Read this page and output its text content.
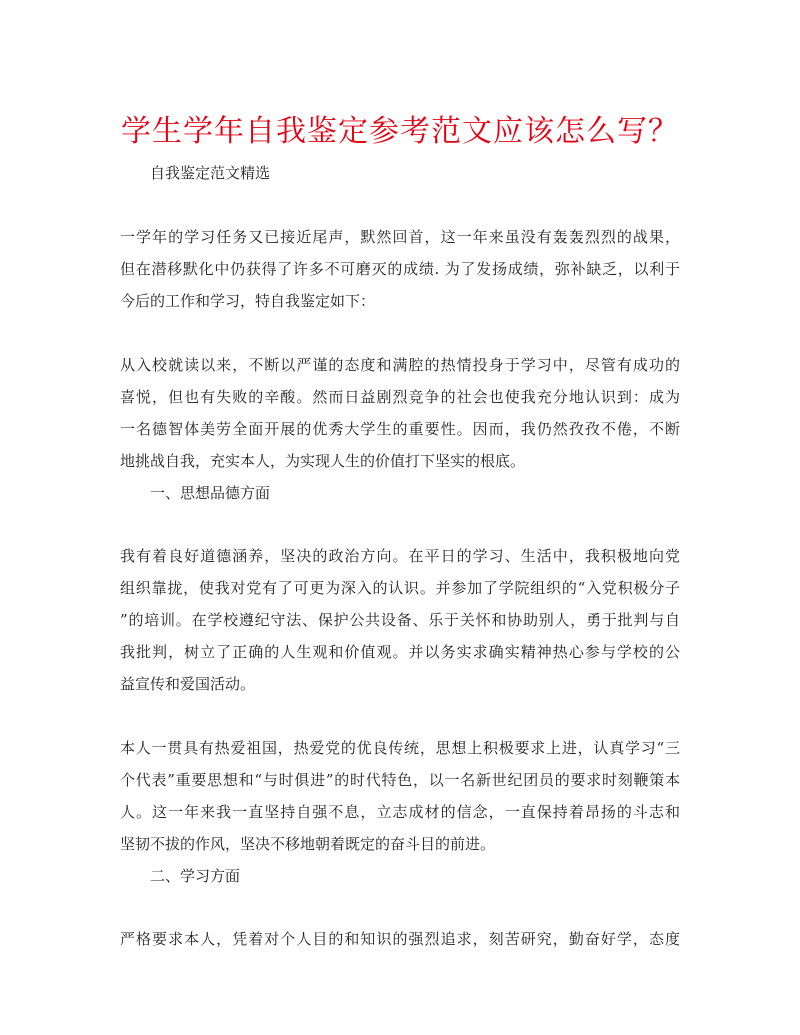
学生学年自我鉴定参考范文应该怎么写？
自我鉴定范文精选
一学年的学习任务又已接近尾声，默然回首，这一年来虽没有轰轰烈烈的战果，
但在潜移默化中仍获得了许多不可磨灭的成绩. 为了发扬成绩，弥补缺乏，以利于
今后的工作和学习，特自我鉴定如下：
从入校就读以来，不断以严谨的态度和满腔的热情投身于学习中，尽管有成功的
喜悦，但也有失败的辛酸。然而日益剧烈竞争的社会也使我充分地认识到：成为
一名德智体美劳全面开展的优秀大学生的重要性。因而，我仍然孜孜不倦，不断
地挑战自我，充实本人，为实现人生的价值打下坚实的根底。
一、思想品德方面
我有着良好道德涵养，坚决的政治方向。在平日的学习、生活中，我积极地向党
组织靠拢，使我对党有了可更为深入的认识。并参加了学院组织的“入党积极分子
”的培训。在学校遵纪守法、保护公共设备、乐于关怀和协助别人，勇于批判与自
我批判，树立了正确的人生观和价值观。并以务实求确实精神热心参与学校的公
益宣传和爱国活动。
本人一贯具有热爱祖国，热爱党的优良传统，思想上积极要求上进，认真学习“三
个代表”重要思想和“与时俱进”的时代特色，以一名新世纪团员的要求时刻鞭策本
人。这一年来我一直坚持自强不息，立志成材的信念，一直保持着昂扬的斗志和
坚韧不拔的作风，坚决不移地朝着既定的奋斗目的前进。
二、学习方面
严格要求本人，凭着对个人目的和知识的强烈追求，刻苦研究，勤奋好学，态度
